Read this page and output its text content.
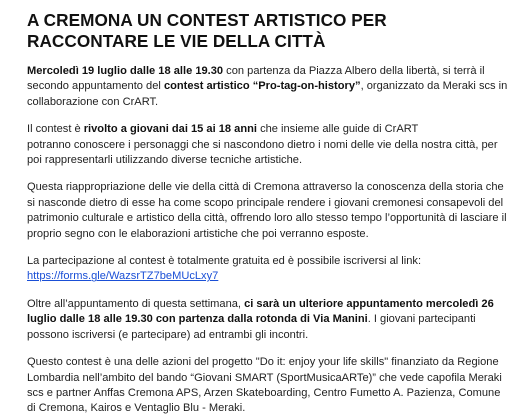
A CREMONA UN CONTEST ARTISTICO PER RACCONTARE LE VIE DELLA CITTÀ

Mercoledì 19 luglio dalle 18 alle 19.30 con partenza da Piazza Albero della libertà, si terrà il secondo appuntamento del contest artistico “Pro-tag-on-history”, organizzato da Meraki scs in collaborazione con CrART.

Il contest è rivolto a giovani dai 15 ai 18 anni che insieme alle guide di CrART
potranno conoscere i personaggi che si nascondono dietro i nomi delle vie della nostra città, per poi rappresentarli utilizzando diverse tecniche artistiche.

Questa riappropriazione delle vie della città di Cremona attraverso la conoscenza della storia che si nasconde dietro di esse ha come scopo principale rendere i giovani cremonesi consapevoli del patrimonio culturale e artistico della città, offrendo loro allo stesso tempo l’opportunità di lasciare il proprio segno con le elaborazioni artistiche che poi verranno esposte.

La partecipazione al contest è totalmente gratuita ed è possibile iscriversi al link:
https://forms.gle/WazsrTZ7beMUcLxy7

Oltre all’appuntamento di questa settimana, ci sarà un ulteriore appuntamento mercoledì 26 luglio dalle 18 alle 19.30 con partenza dalla rotonda di Via Manini. I giovani partecipanti possono iscriversi (e partecipare) ad entrambi gli incontri.

Questo contest è una delle azioni del progetto "Do it: enjoy your life skills" finanziato da Regione Lombardia nell’ambito del bando “Giovani SMART (SportMusicaARTe)” che vede capofila Meraki scs e partner Anffas Cremona APS, Arzen Skateboarding, Centro Fumetto A. Pazienza, Comune di Cremona, Kairos e Ventaglio Blu - Meraki.
